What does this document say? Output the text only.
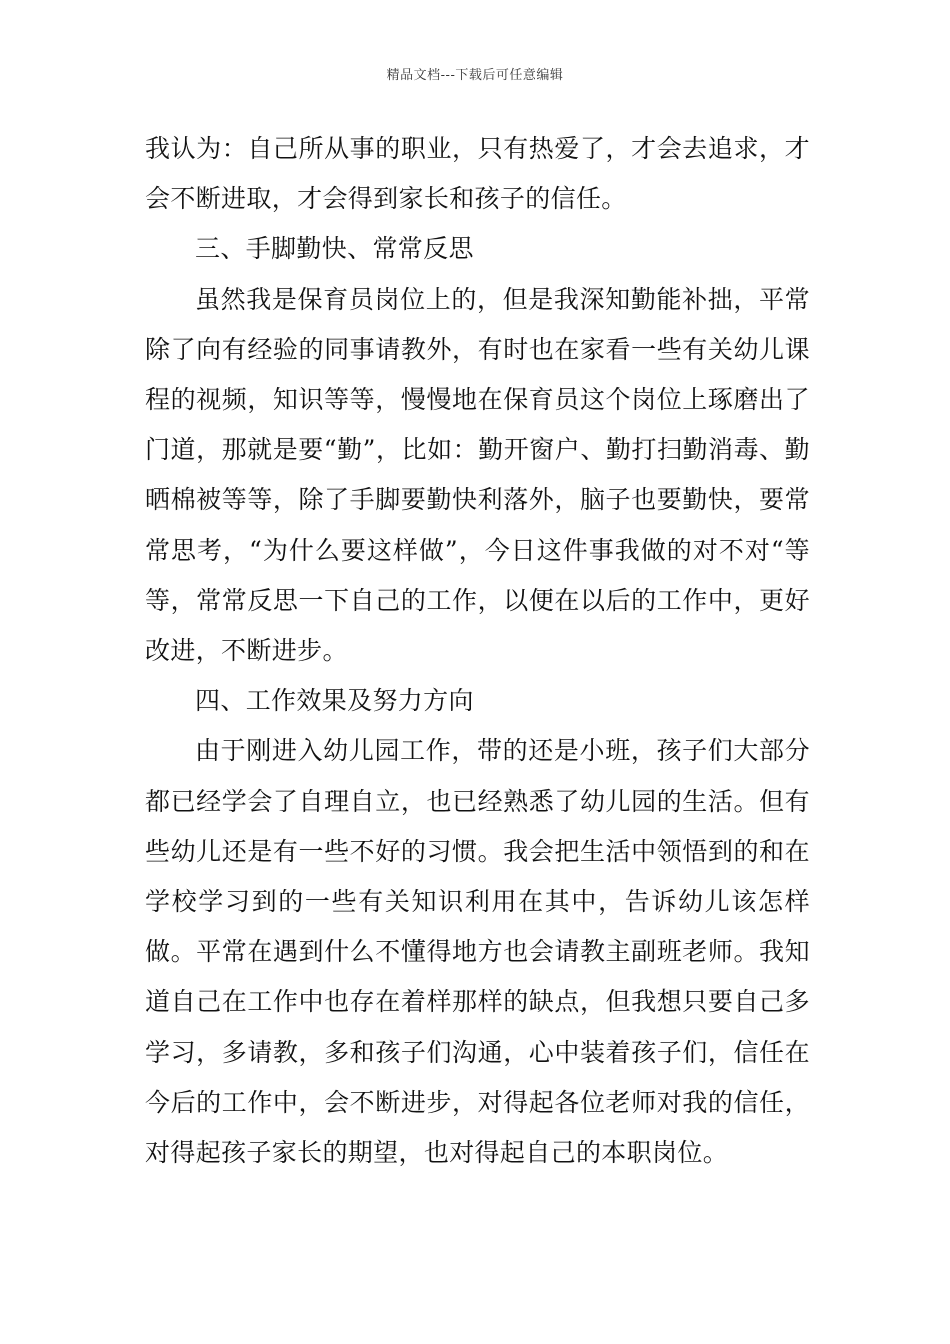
精品文档---下载后可任意编辑

我认为：自己所从事的职业，只有热爱了，才会去追求，才会不断进取，才会得到家长和孩子的信任。

三、手脚勤快、常常反思

虽然我是保育员岗位上的，但是我深知勤能补拙，平常除了向有经验的同事请教外，有时也在家看一些有关幼儿课程的视频，知识等等，慢慢地在保育员这个岗位上琢磨出了门道，那就是要“勤”，比如：勤开窗户、勤打扫勤消毒、勤晒棉被等等，除了手脚要勤快利落外，脑子也要勤快，要常常思考，“为什么要这样做”，今日这件事我做的对不对“等等，常常反思一下自己的工作，以便在以后的工作中，更好改进，不断进步。

四、工作效果及努力方向

由于刚进入幼儿园工作，带的还是小班，孩子们大部分都已经学会了自理自立，也已经熟悉了幼儿园的生活。但有些幼儿还是有一些不好的习惯。我会把生活中领悟到的和在学校学习到的一些有关知识利用在其中，告诉幼儿该怎样做。平常在遇到什么不懂得地方也会请教主副班老师。我知道自己在工作中也存在着样那样的缺点，但我想只要自己多学习，多请教，多和孩子们沟通，心中装着孩子们，信任在今后的工作中，会不断进步，对得起各位老师对我的信任，对得起孩子家长的期望，也对得起自己的本职岗位。
